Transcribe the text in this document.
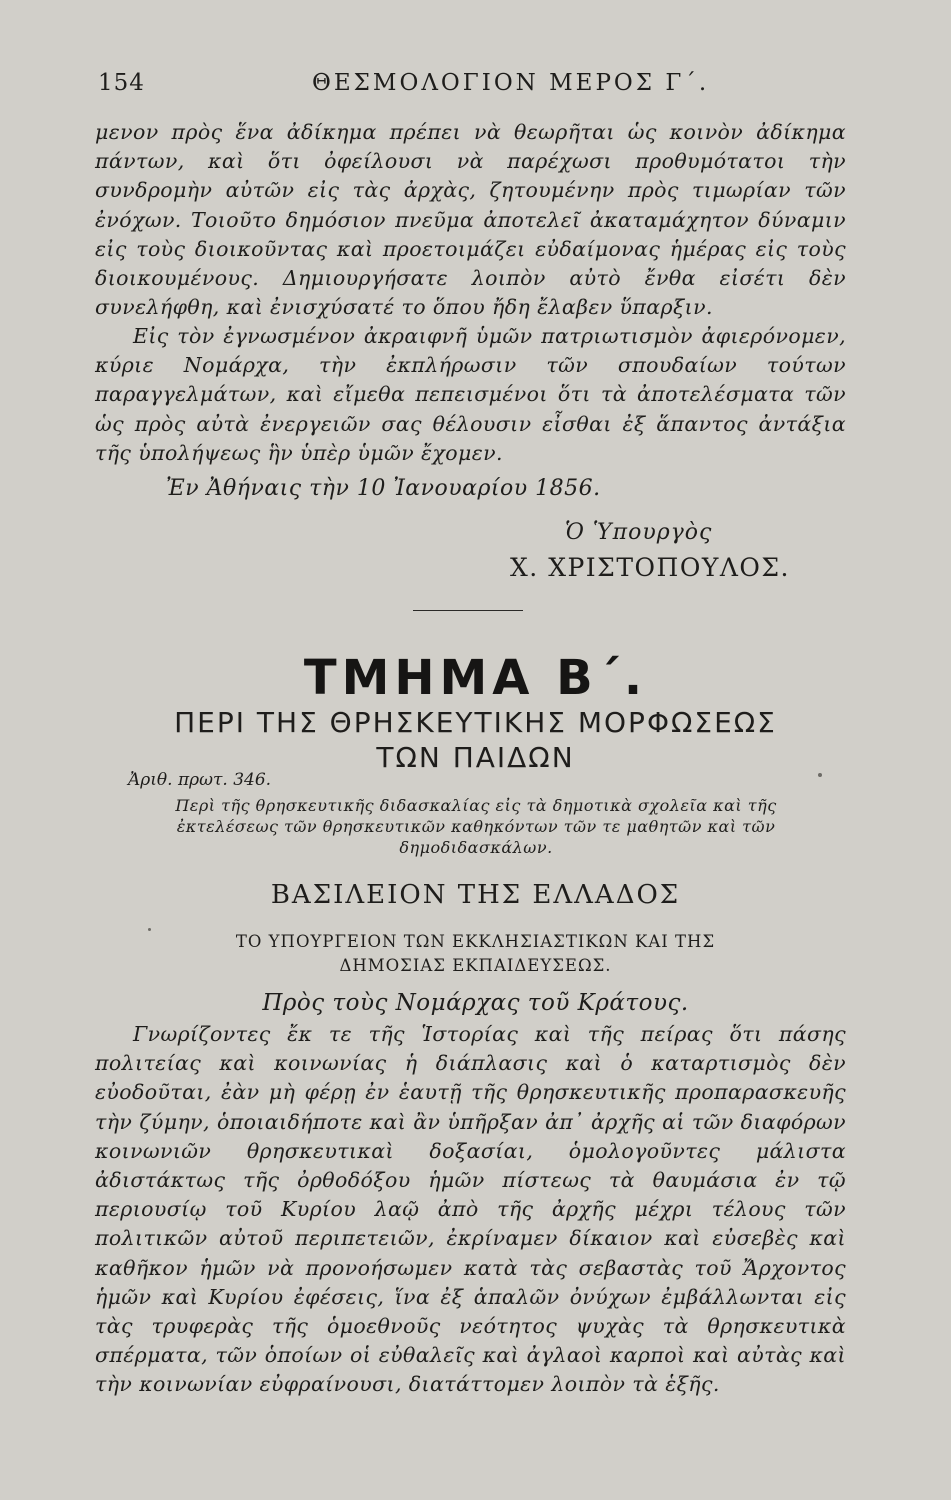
154	ΘΕΣΜΟΛΟΓΙΟΝ ΜΕΡΟΣ Γ΄.

μενον πρὸς ἕνα ἀδίκημα πρέπει νὰ θεωρῆται ὡς κοινὸν ἀδίκημα πάντων, καὶ ὅτι ὀφείλουσι νὰ παρέχωσι προθυμότατοι τὴν συνδρομὴν αὐτῶν εἰς τὰς ἀρχὰς, ζητουμένην πρὸς τιμωρίαν τῶν ἐνόχων. Τοιοῦτο δημόσιον πνεῦμα ἀποτελεῖ ἀκαταμάχητον δύναμιν εἰς τοὺς διοικοῦντας καὶ προετοιμάζει εὐδαίμονας ἡμέρας εἰς τοὺς διοικουμένους. Δημιουργήσατε λοιπὸν αὐτὸ ἔνθα εἰσέτι δὲν συνελήφθη, καὶ ἐνισχύσατέ το ὅπου ἤδη ἔλαβεν ὕπαρξιν.

Εἰς τὸν ἐγνωσμένον ἀκραιφνῆ ὑμῶν πατριωτισμὸν ἀφιερόνομεν, κύριε Νομάρχα, τὴν ἐκπλήρωσιν τῶν σπουδαίων τούτων παραγγελμάτων, καὶ εἴμεθα πεπεισμένοι ὅτι τὰ ἀποτελέσματα τῶν ὡς πρὸς αὐτὰ ἐνεργειῶν σας θέλουσιν εἶσθαι ἐξ ἅπαντος ἀντάξια τῆς ὑπολήψεως ἣν ὑπὲρ ὑμῶν ἔχομεν.

Ἐν Ἀθήναις τὴν 10 Ἰανουαρίου 1856.
Ὁ Ὑπουργὸς
Χ. ΧΡΙΣΤΟΠΟΥΛΟΣ.
ΤΜΗΜΑ Β΄.
ΠΕΡΙ ΤΗΣ ΘΡΗΣΚΕΥΤΙΚΗΣ ΜΟΡΦΩΣΕΩΣ
ΤΩΝ ΠΑΙΔΩΝ
Ἀριθ. πρωτ. 346.

Περὶ τῆς θρησκευτικῆς διδασκαλίας εἰς τὰ δημοτικὰ σχολεῖα καὶ τῆς ἐκτελέσεως τῶν θρησκευτικῶν καθηκόντων τῶν τε μαθητῶν καὶ τῶν δημοδιδασκάλων.

ΒΑΣΙΛΕΙΟΝ ΤΗΣ ΕΛΛΑΔΟΣ
ΤΟ ΥΠΟΥΡΓΕΙΟΝ ΤΩΝ ΕΚΚΛΗΣΙΑΣΤΙΚΩΝ ΚΑΙ ΤΗΣ
ΔΗΜΟΣΙΑΣ ΕΚΠΑΙΔΕΥΣΕΩΣ.
Πρὸς τοὺς Νομάρχας τοῦ Κράτους.

Γνωρίζοντες ἔκ τε τῆς Ἱστορίας καὶ τῆς πείρας ὅτι πάσης πολιτείας καὶ κοινωνίας ἡ διάπλασις καὶ ὁ καταρτισμὸς δὲν εὐοδοῦται, ἐὰν μὴ φέρῃ ἐν ἑαυτῇ τῆς θρησκευτικῆς προπαρασκευῆς τὴν ζύμην, ὁποιαιδήποτε καὶ ἂν ὑπῆρξαν ἀπ᾽ ἀρχῆς αἱ τῶν διαφόρων κοινωνιῶν θρησκευτικαὶ δοξασίαι, ὁμολογοῦντες μάλιστα ἀδιστάκτως τῆς ὀρθοδόξου ἡμῶν πίστεως τὰ θαυμάσια ἐν τῷ περιουσίῳ τοῦ Κυρίου λαῷ ἀπὸ τῆς ἀρχῆς μέχρι τέλους τῶν πολιτικῶν αὐτοῦ περιπετειῶν, ἐκρίναμεν δίκαιον καὶ εὐσεβὲς καὶ καθῆκον ἡμῶν νὰ προνοήσωμεν κατὰ τὰς σεβαστὰς τοῦ Ἄρχοντος ἡμῶν καὶ Κυρίου ἐφέσεις, ἵνα ἐξ ἁπαλῶν ὀνύχων ἐμβάλλωνται εἰς τὰς τρυφερὰς τῆς ὁμοεθνοῦς νεότητος ψυχὰς τὰ θρησκευτικὰ σπέρματα, τῶν ὁποίων οἱ εὐθαλεῖς καὶ ἀγλαοὶ καρποὶ καὶ αὐτὰς καὶ τὴν κοινωνίαν εὐφραίνουσι, διατάττομεν λοιπὸν τὰ ἑξῆς.
